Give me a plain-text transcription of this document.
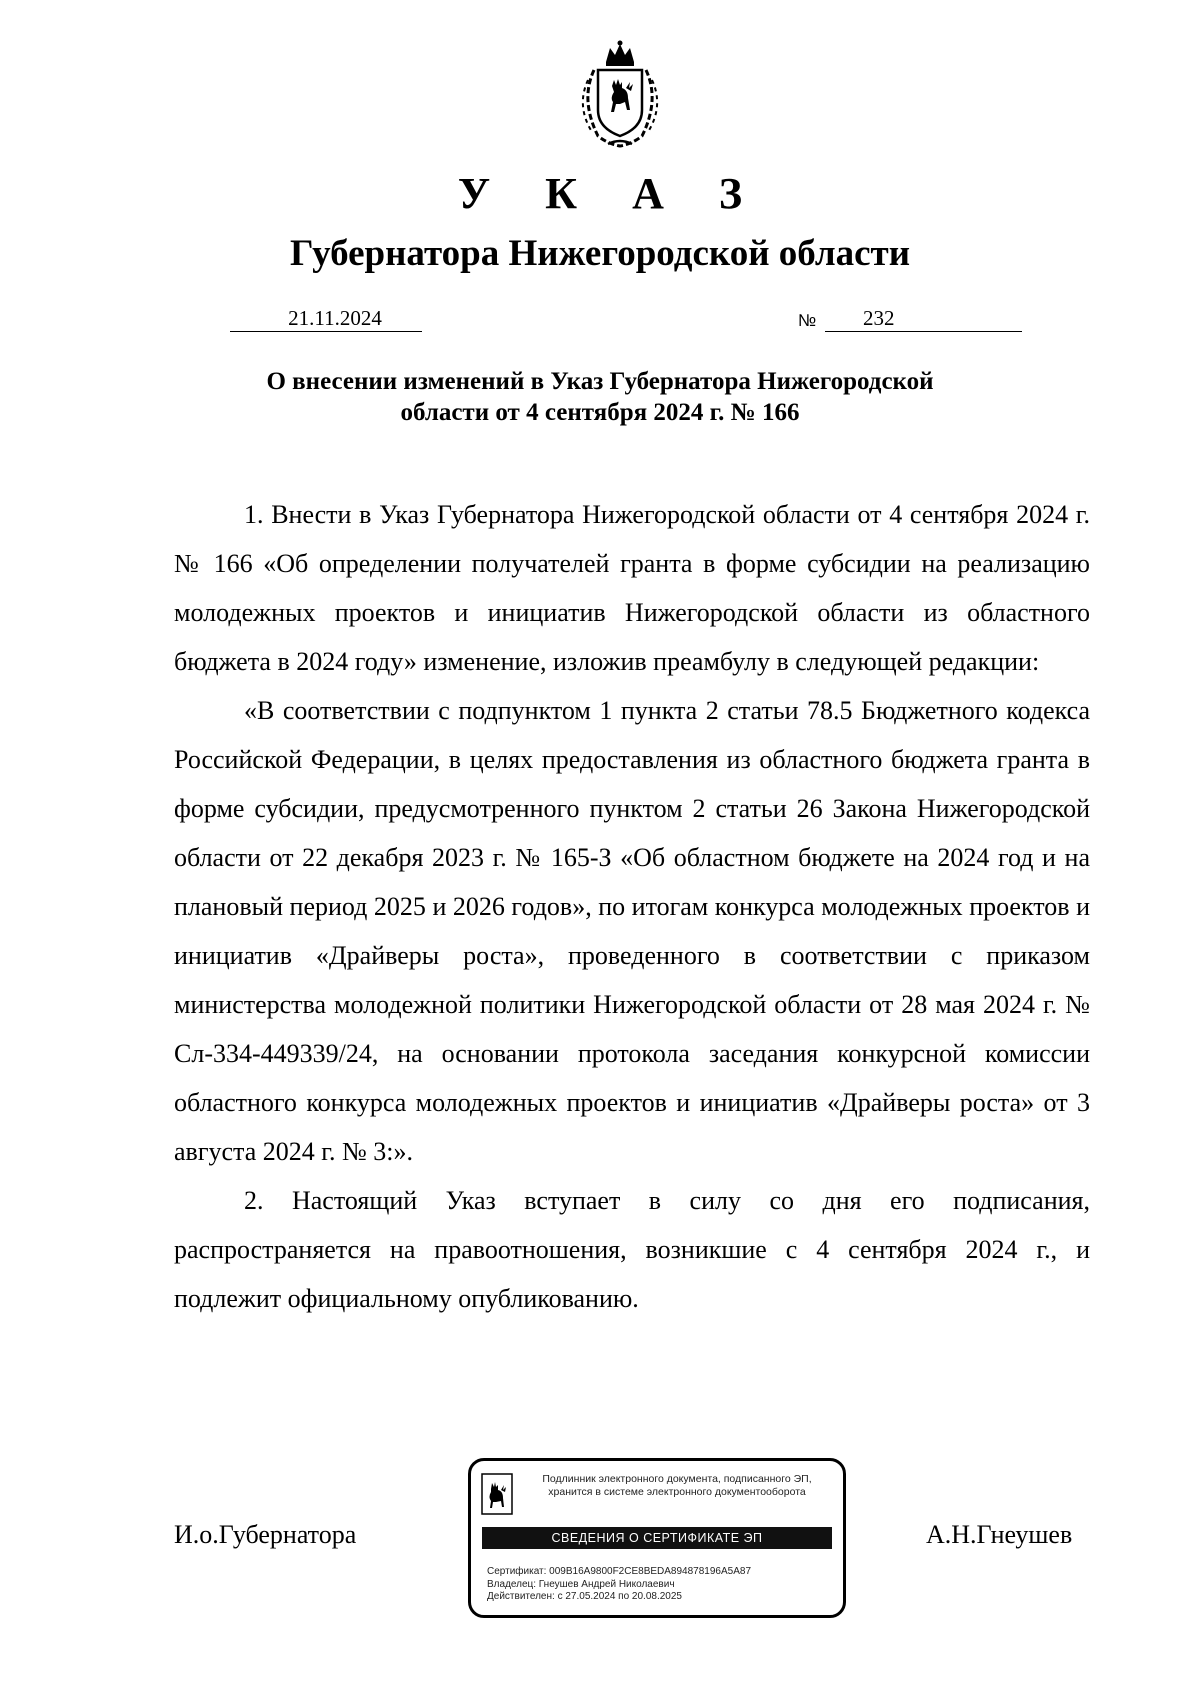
У К А З
Губернатора Нижегородской области
21.11.2024	№	232
О внесении изменений в Указ Губернатора Нижегородской
области от 4 сентября 2024 г. № 166

1. Внести в Указ Губернатора Нижегородской области от 4 сентября 2024 г. № 166 «Об определении получателей гранта в форме субсидии на реализацию молодежных проектов и инициатив Нижегородской области из областного бюджета в 2024 году» изменение, изложив преамбулу в следующей редакции:

«В соответствии с подпунктом 1 пункта 2 статьи 78.5 Бюджетного кодекса Российской Федерации, в целях предоставления из областного бюджета гранта в форме субсидии, предусмотренного пунктом 2 статьи 26 Закона Нижегородской области от 22 декабря 2023 г. № 165-З «Об областном бюджете на 2024 год и на плановый период 2025 и 2026 годов», по итогам конкурса молодежных проектов и инициатив «Драйверы роста», проведенного в соответствии с приказом министерства молодежной политики Нижегородской области от 28 мая 2024 г. № Сл-334-449339/24, на основании протокола заседания конкурсной комиссии областного конкурса молодежных проектов и инициатив «Драйверы роста» от 3 августа 2024 г. № 3:».

2. Настоящий Указ вступает в силу со дня его подписания, распространяется на правоотношения, возникшие с 4 сентября 2024 г., и подлежит официальному опубликованию.

И.о.Губернатора	А.Н.Гнеушев
Подлинник электронного документа, подписанного ЭП,
хранится в системе электронного документооборота
СВЕДЕНИЯ О СЕРТИФИКАТЕ ЭП
Сертификат: 009B16A9800F2CE8BEDA894878196A5A87
Владелец: Гнеушев Андрей Николаевич
Действителен: с 27.05.2024 по 20.08.2025
